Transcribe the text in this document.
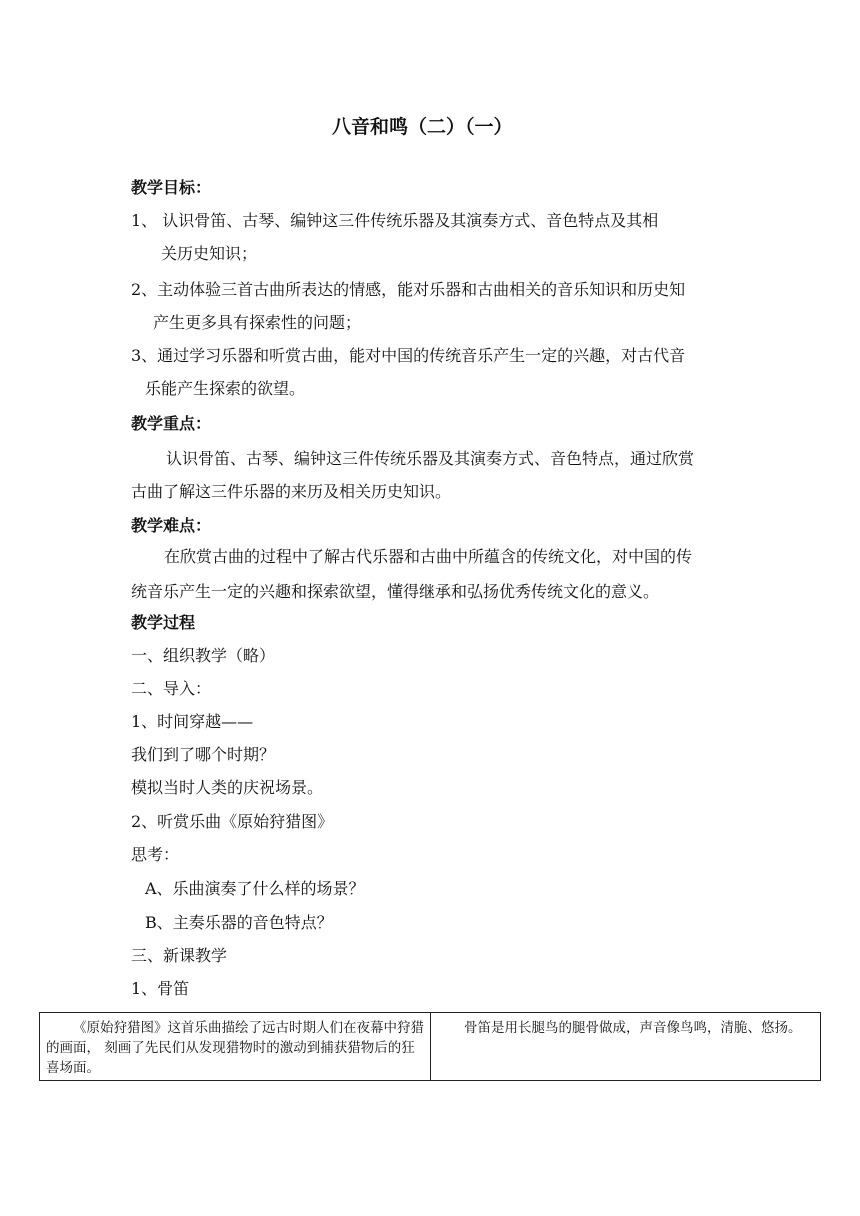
八音和鸣（二）（一）
教学目标：
1、 认识骨笛、古琴、编钟这三件传统乐器及其演奏方式、音色特点及其相
关历史知识；
2、主动体验三首古曲所表达的情感，能对乐器和古曲相关的音乐知识和历史知
产生更多具有探索性的问题；
3、通过学习乐器和听赏古曲，能对中国的传统音乐产生一定的兴趣，对古代音
乐能产生探索的欲望。
教学重点：
认识骨笛、古琴、编钟这三件传统乐器及其演奏方式、音色特点，通过欣赏
古曲了解这三件乐器的来历及相关历史知识。
教学难点：
在欣赏古曲的过程中了解古代乐器和古曲中所蕴含的传统文化，对中国的传
统音乐产生一定的兴趣和探索欲望，懂得继承和弘扬优秀传统文化的意义。
教学过程
一、组织教学（略）
二、导入：
1、时间穿越——
我们到了哪个时期？
模拟当时人类的庆祝场景。
2、听赏乐曲《原始狩猎图》
思考：
A、乐曲演奏了什么样的场景？
B、主奏乐器的音色特点？
三、新课教学
1、骨笛
《原始狩猎图》这首乐曲描绘了远古时期人们在夜幕中狩猎的画面， 刻画了先民们从发现猎物时的激动到捕获猎物后的狂喜场面。
骨笛是用长腿鸟的腿骨做成，声音像鸟鸣，清脆、悠扬。
